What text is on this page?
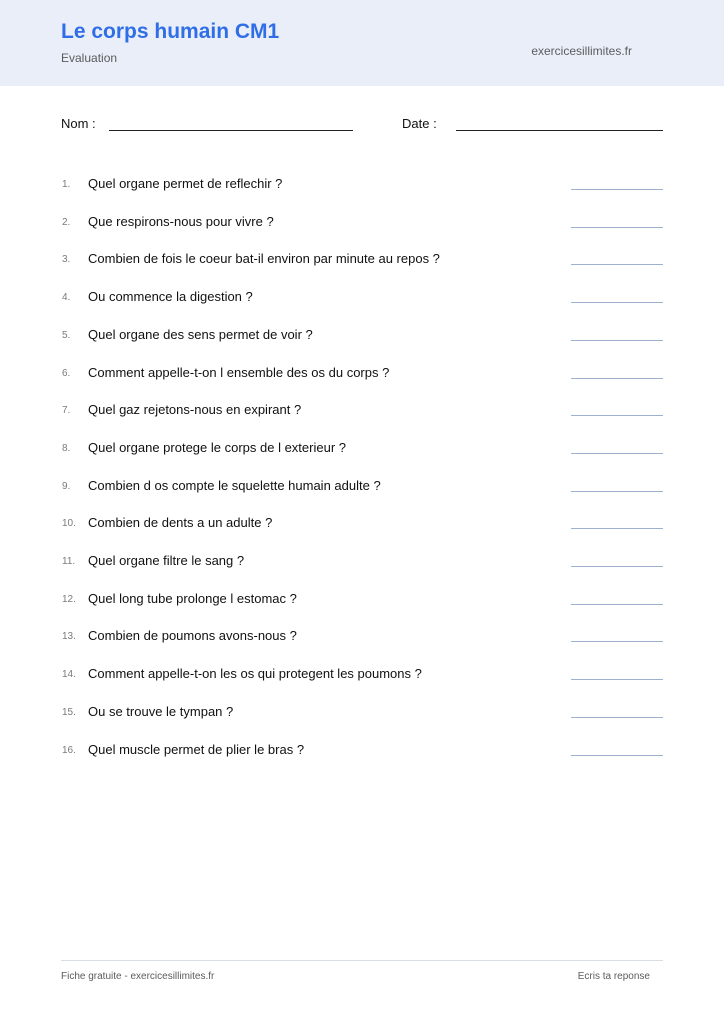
Le corps humain CM1
Evaluation	exercicesillimites.fr
Nom :	Date :
1. Quel organe permet de reflechir ?
2. Que respirons-nous pour vivre ?
3. Combien de fois le coeur bat-il environ par minute au repos ?
4. Ou commence la digestion ?
5. Quel organe des sens permet de voir ?
6. Comment appelle-t-on l ensemble des os du corps ?
7. Quel gaz rejetons-nous en expirant ?
8. Quel organe protege le corps de l exterieur ?
9. Combien d os compte le squelette humain adulte ?
10. Combien de dents a un adulte ?
11. Quel organe filtre le sang ?
12. Quel long tube prolonge l estomac ?
13. Combien de poumons avons-nous ?
14. Comment appelle-t-on les os qui protegent les poumons ?
15. Ou se trouve le tympan ?
16. Quel muscle permet de plier le bras ?
Fiche gratuite - exercicesillimites.fr	Ecris ta reponse
